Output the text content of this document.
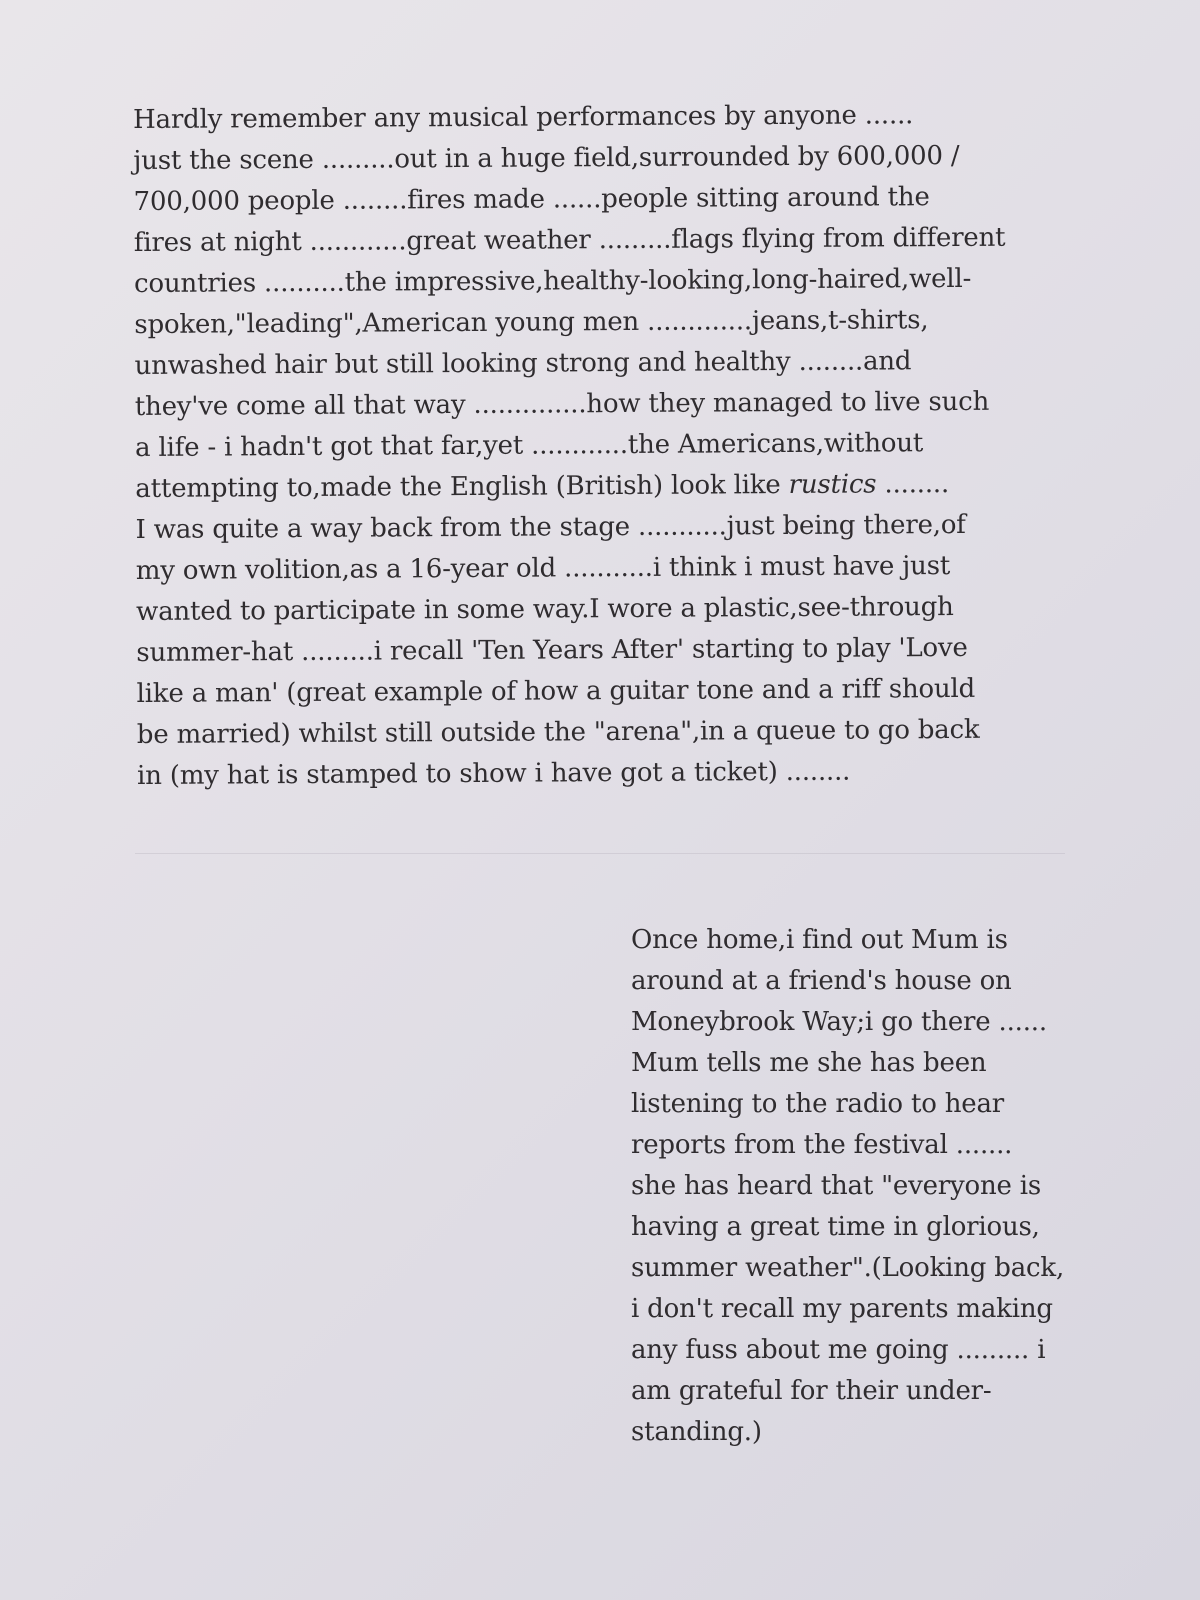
Hardly remember any musical performances by anyone ......
just the scene .........out in a huge field,surrounded by 600,000 /
700,000 people ........fires made ......people sitting around the
fires at night ............great weather .........flags flying from different
countries ..........the impressive,healthy-looking,long-haired,well-
spoken,"leading",American young men .............jeans,t-shirts,
unwashed hair but still looking strong and healthy ........and
they've come all that way ..............how they managed to live such
a life - i hadn't got that far,yet ............the Americans,without
attempting to,made the English (British) look like rustics ........
I was quite a way back from the stage ...........just being there,of
my own volition,as a 16-year old ...........i think i must have just
wanted to participate in some way.I wore a plastic,see-through
summer-hat .........i recall 'Ten Years After' starting to play 'Love
like a man' (great example of how a guitar tone and a riff should
be married) whilst still outside the "arena",in a queue to go back
in (my hat is stamped to show i have got a ticket) ........
Once home,i find out Mum is
around at a friend's house on
Moneybrook Way;i go there ......
Mum tells me she has been
listening to the radio to hear
reports from the festival .......
she has heard that "everyone is
having a great time in glorious,
summer weather".(Looking back,
i don't recall my parents making
any fuss about me going ......... i
am grateful for their under-
standing.)
